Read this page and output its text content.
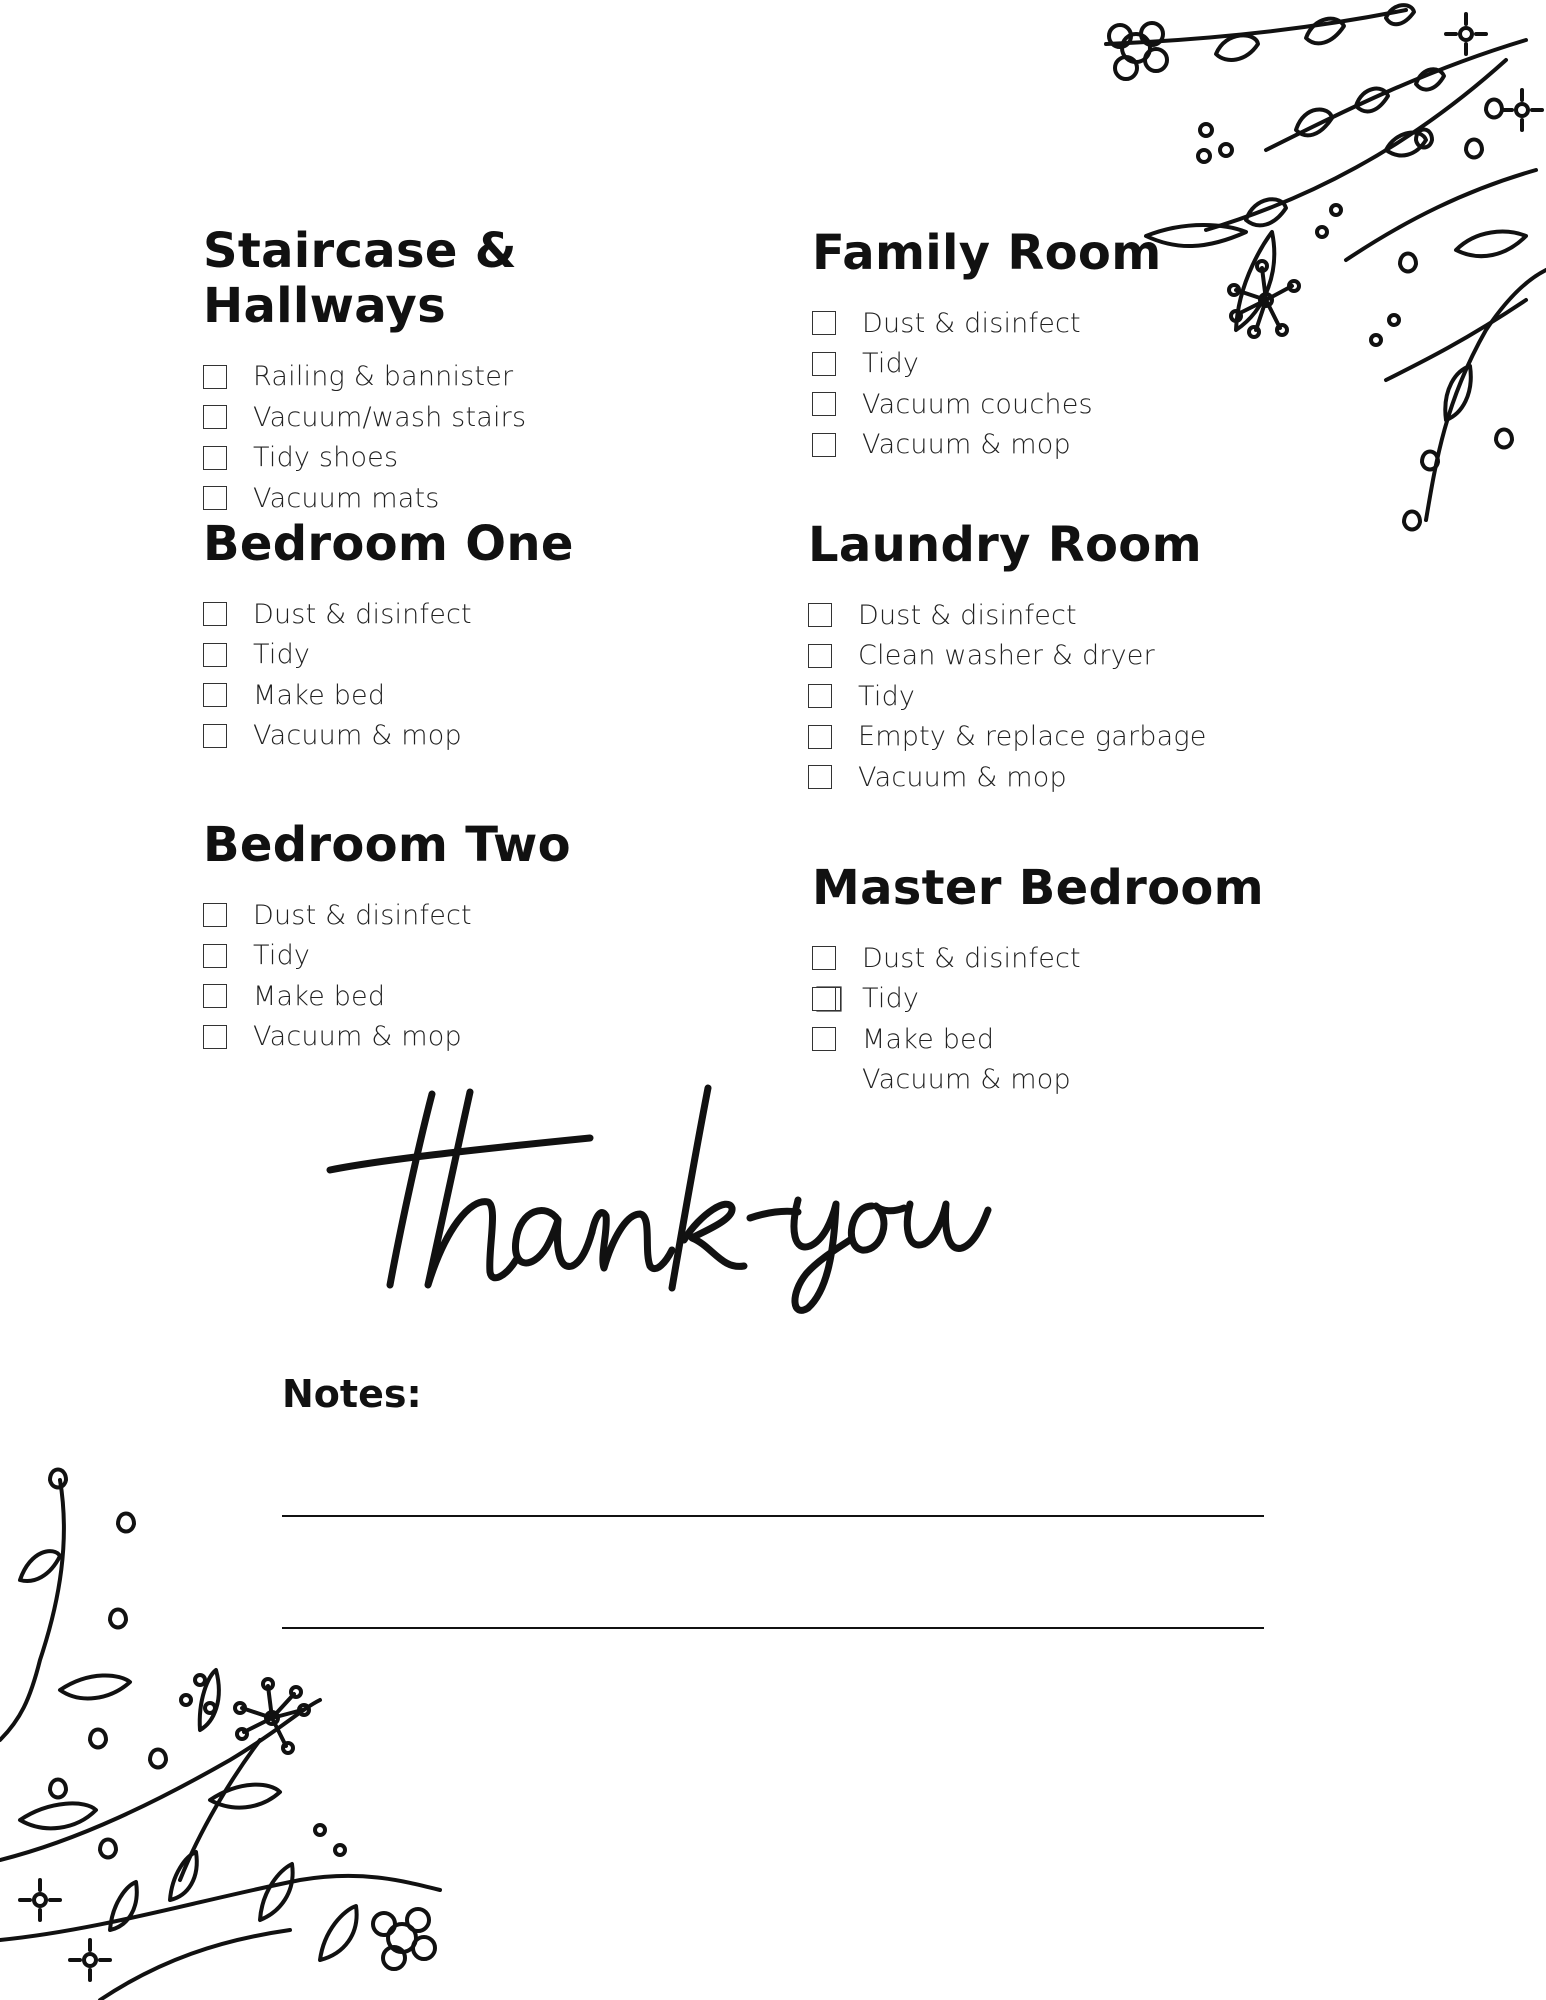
Staircase & Hallways
Railing & bannister
Vacuum/wash stairs
Tidy shoes
Vacuum mats
Family Room
Dust & disinfect
Tidy
Vacuum couches
Vacuum & mop
Bedroom One
Dust & disinfect
Tidy
Make bed
Vacuum & mop
Laundry Room
Dust & disinfect
Clean washer & dryer
Tidy
Empty & replace garbage
Vacuum & mop
Bedroom Two
Dust & disinfect
Tidy
Make bed
Vacuum & mop
Master Bedroom
Dust & disinfect
Tidy
Make bed
Vacuum & mop
Notes:
